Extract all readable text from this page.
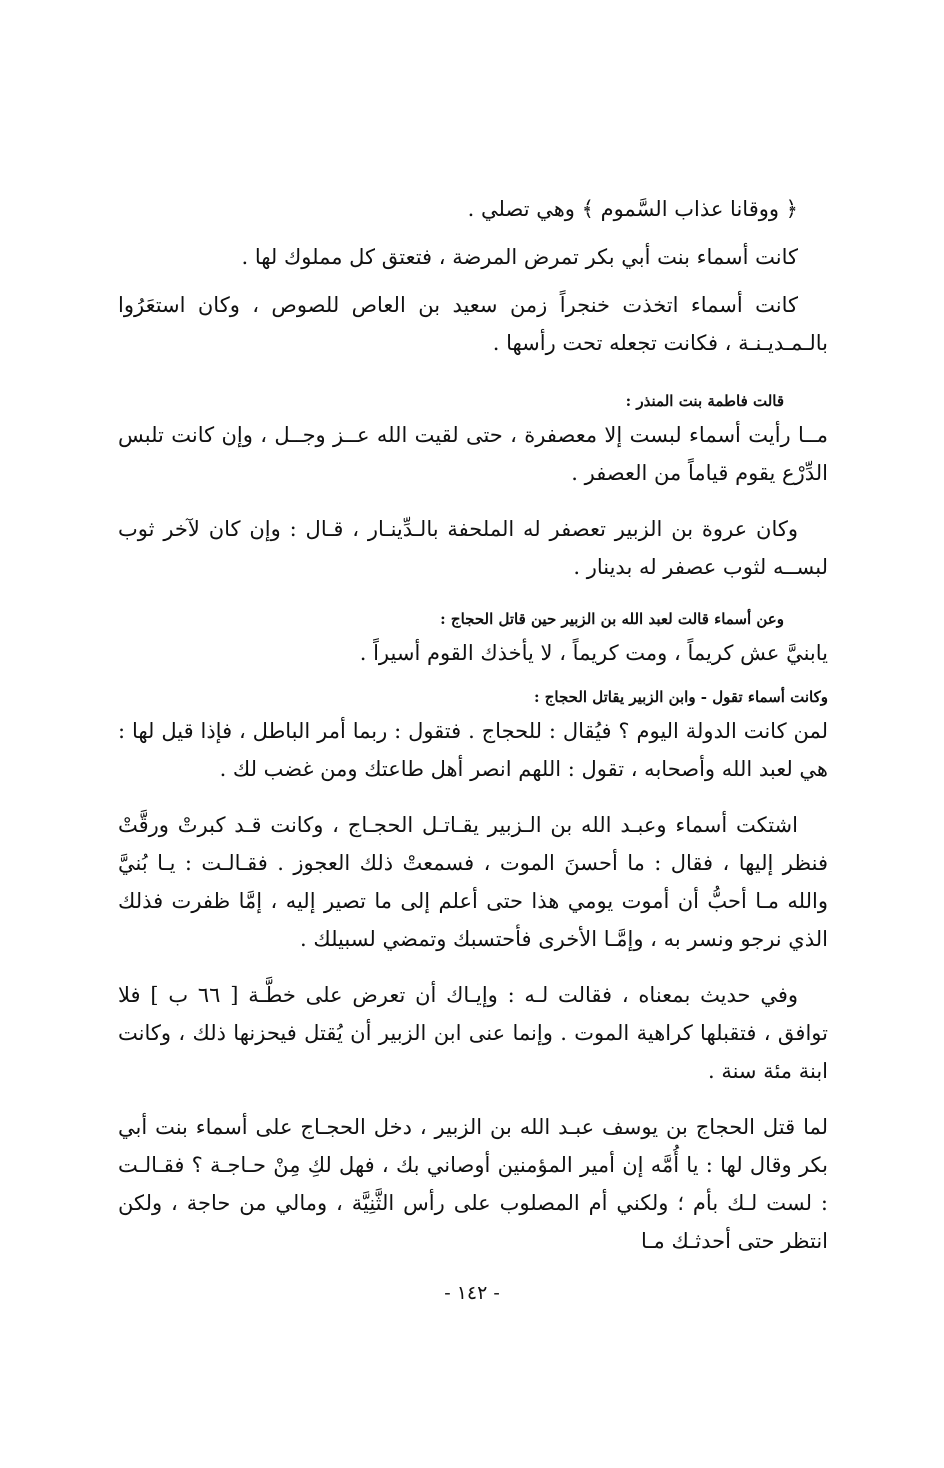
﴿ ووقانا عذاب السَّموم ﴾ وهي تصلي .

كانت أسماء بنت أبي بكر تمرض المرضة ، فتعتق كل مملوك لها .

كانت أسماء اتخذت خنجراً زمن سعيد بن العاص للصوص ، وكان استعَرُوا بالـمـديـنـة ، فكانت تجعله تحت رأسها .

قالت فاطمة بنت المنذر :

مــا رأيت أسماء لبست إلا معصفرة ، حتى لقيت الله عــز وجــل ، وإن كانت تلبس الدِّرْع يقوم قياماً من العصفر .

وكان عروة بن الزبير تعصفر له الملحفة بالـدِّينـار ، قـال : وإن كان لآخر ثوب لبســه لثوب عصفر له بدينار .

وعن أسماء قالت لعبد الله بن الزبير حين قاتل الحجاج :

يابنيَّ عش كريماً ، ومت كريماً ، لا يأخذك القوم أسيراً .

وكانت أسماء تقول - وابن الزبير يقاتل الحجاج :

لمن كانت الدولة اليوم ؟ فيُقال : للحجاج . فتقول : ربما أمر الباطل ، فإذا قيل لها : هي لعبد الله وأصحابه ، تقول : اللهم انصر أهل طاعتك ومن غضب لك .

اشتكت أسماء وعبـد الله بن الـزبير يقـاتـل الحجـاج ، وكانت قـد كبرتْ ورقَّتْ فنظر إليها ، فقال : ما أحسنَ الموت ، فسمعتْ ذلك العجوز . فقـالـت : يـا بُنيَّ والله مـا أحبُّ أن أموت يومي هذا حتى أعلم إلى ما تصير إليه ، إمَّا ظفرت فذلك الذي نرجو ونسر به ، وإمَّـا الأخرى فأحتسبك وتمضي لسبيلك .

وفي حديث بمعناه ، فقالت لـه : وإيـاك أن تعرض على خطَّـة [ ٦٦ ب ] فلا توافق ، فتقبلها كراهية الموت . وإنما عنى ابن الزبير أن يُقتل فيحزنها ذلك ، وكانت ابنة مئة سنة .

لما قتل الحجاج بن يوسف عبـد الله بن الزبير ، دخل الحجـاج على أسماء بنت أبي بكر وقال لها : يا أُمَّه إن أمير المؤمنين أوصاني بك ، فهل لكِ مِنْ حـاجـة ؟ فقـالـت : لست لـك بأم ؛ ولكني أم المصلوب على رأس الثَّنِيَّة ، ومالي من حاجة ، ولكن انتظر حتى أحدثـك مـا

- ١٤٢ -
